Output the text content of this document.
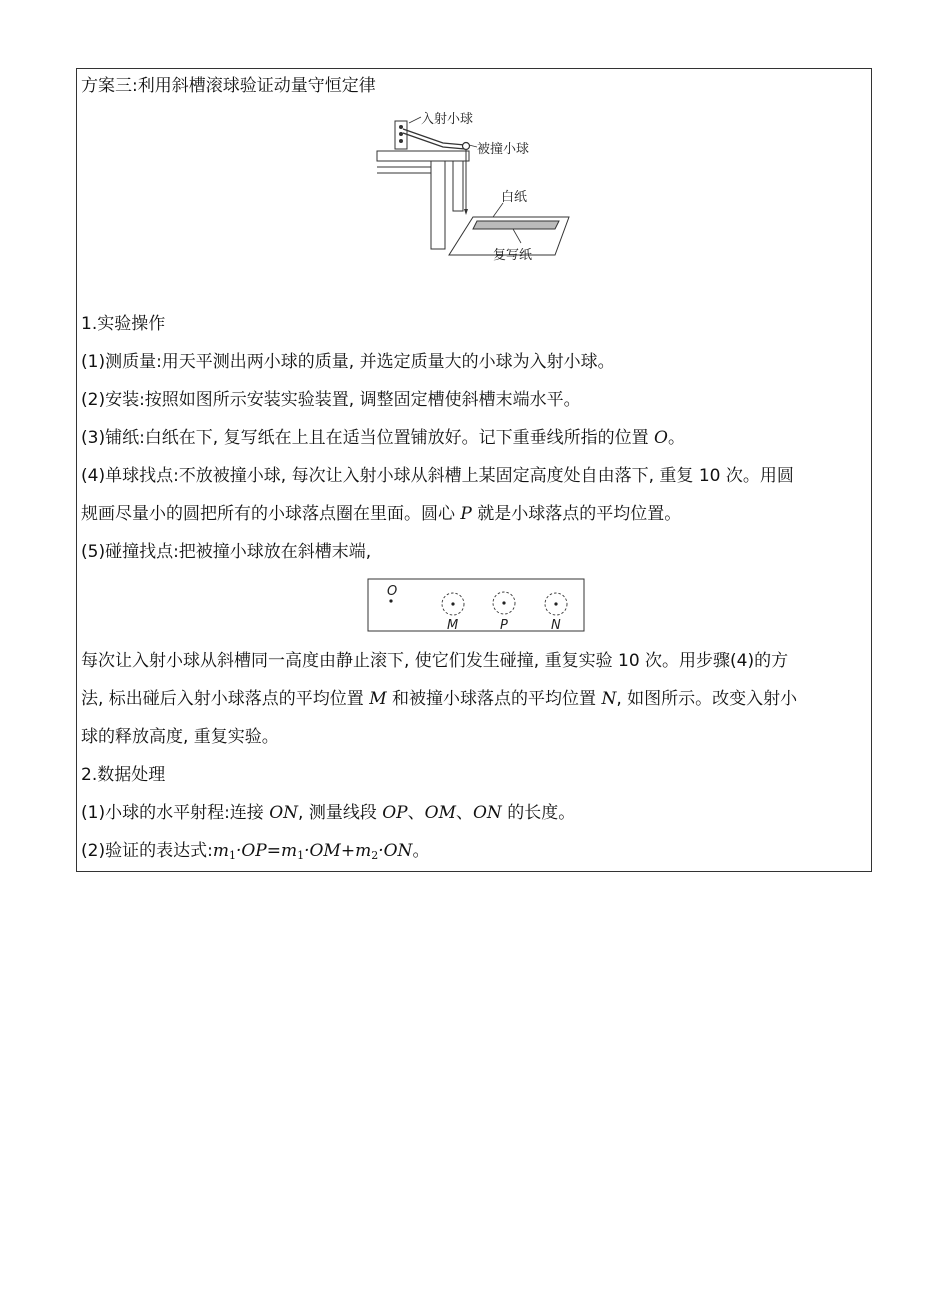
方案三:利用斜槽滚球验证动量守恒定律
入射小球
被撞小球
白纸
复写纸
1.实验操作
(1)测质量:用天平测出两小球的质量, 并选定质量大的小球为入射小球。
(2)安装:按照如图所示安装实验装置, 调整固定槽使斜槽末端水平。
(3)铺纸:白纸在下, 复写纸在上且在适当位置铺放好。记下重垂线所指的位置 O。
(4)单球找点:不放被撞小球, 每次让入射小球从斜槽上某固定高度处自由落下, 重复 10 次。用圆
规画尽量小的圆把所有的小球落点圈在里面。圆心 P 就是小球落点的平均位置。
(5)碰撞找点:把被撞小球放在斜槽末端,
O
M	P	N
每次让入射小球从斜槽同一高度由静止滚下, 使它们发生碰撞, 重复实验 10 次。用步骤(4)的方
法, 标出碰后入射小球落点的平均位置 M 和被撞小球落点的平均位置 N, 如图所示。改变入射小
球的释放高度, 重复实验。
2.数据处理
(1)小球的水平射程:连接 ON, 测量线段 OP、OM、ON 的长度。
(2)验证的表达式$:m_1\cdot OP=m_1\cdot OM+m_2\cdot ON$。
